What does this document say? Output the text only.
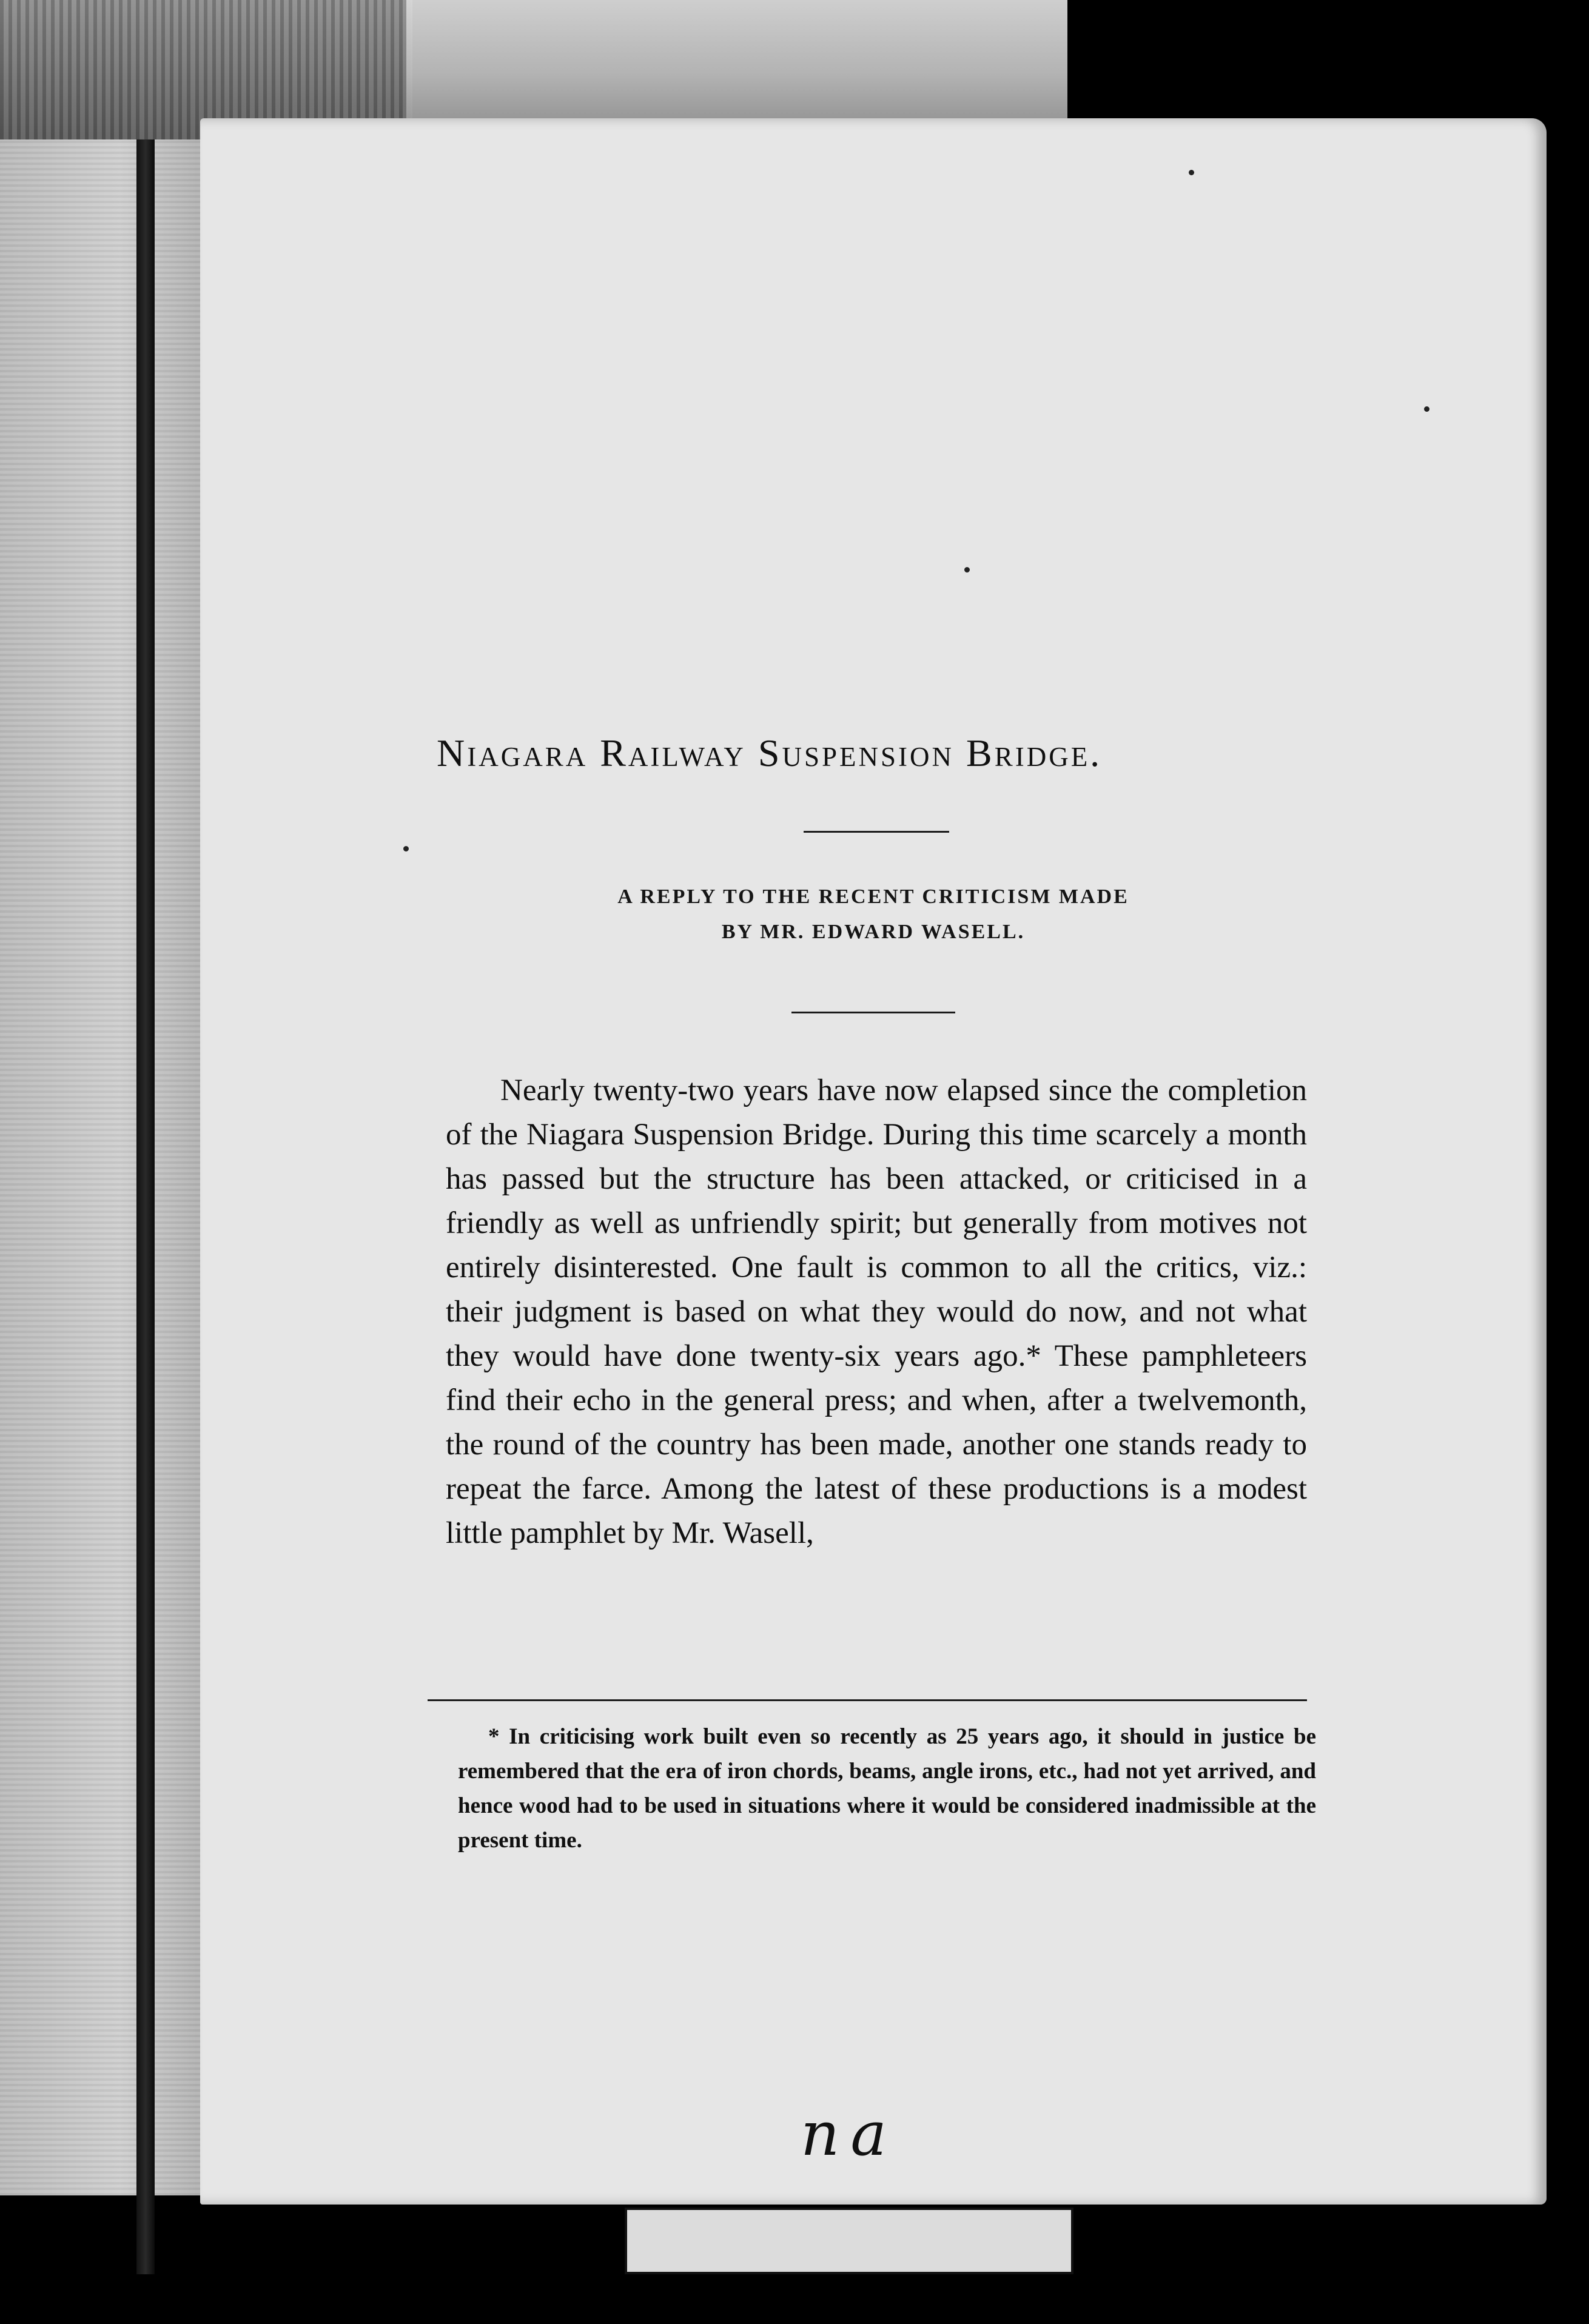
Niagara Railway Suspension Bridge.
A REPLY TO THE RECENT CRITICISM MADE
BY MR. EDWARD WASELL.

Nearly twenty-two years have now elapsed since the completion of the Niagara Suspension Bridge. During this time scarcely a month has passed but the structure has been attacked, or criticised in a friendly as well as unfriendly spirit; but generally from motives not entirely disinterested. One fault is common to all the critics, viz.: their judgment is based on what they would do now, and not what they would have done twenty-six years ago.* These pamphleteers find their echo in the general press; and when, after a twelvemonth, the round of the country has been made, another one stands ready to repeat the farce. Among the latest of these productions is a modest little pamphlet by Mr. Wasell,

* In criticising work built even so recently as 25 years ago, it should in justice be remembered that the era of iron chords, beams, angle irons, etc., had not yet arrived, and hence wood had to be used in situations where it would be considered inadmissible at the present time.

na
